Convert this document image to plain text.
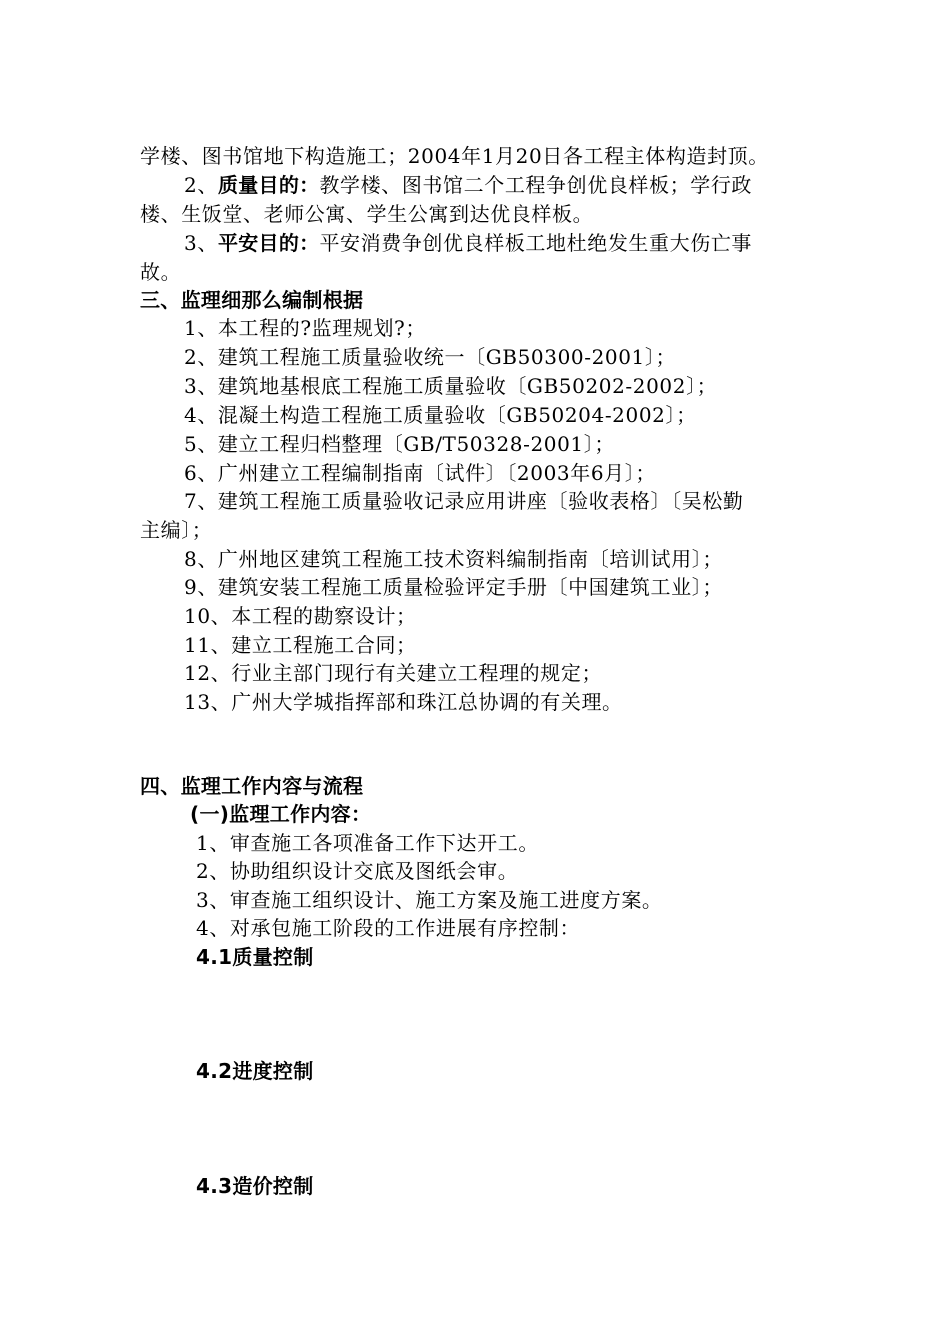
学楼、图书馆地下构造施工；2004年1月20日各工程主体构造封顶。
2、质量目的：教学楼、图书馆二个工程争创优良样板；学行政
楼、生饭堂、老师公寓、学生公寓到达优良样板。
3、平安目的：平安消费争创优良样板工地杜绝发生重大伤亡事
故。
三、监理细那么编制根据
1、本工程的?监理规划?；
2、建筑工程施工质量验收统一〔GB50300-2001〕；
3、建筑地基根底工程施工质量验收〔GB50202-2002〕；
4、混凝土构造工程施工质量验收〔GB50204-2002〕；
5、建立工程归档整理〔GB/T50328-2001〕；
6、广州建立工程编制指南〔试件〕〔2003年6月〕；
7、建筑工程施工质量验收记录应用讲座〔验收表格〕〔吴松勤
主编〕；
8、广州地区建筑工程施工技术资料编制指南〔培训试用〕；
9、建筑安装工程施工质量检验评定手册〔中国建筑工业〕；
10、本工程的勘察设计；
11、建立工程施工合同；
12、行业主部门现行有关建立工程理的规定；
13、广州大学城指挥部和珠江总协调的有关理。
四、监理工作内容与流程
(一)监理工作内容：
1、审查施工各项准备工作下达开工。
2、协助组织设计交底及图纸会审。
3、审查施工组织设计、施工方案及施工进度方案。
4、对承包施工阶段的工作进展有序控制：
4.1质量控制
4.2进度控制
4.3造价控制
